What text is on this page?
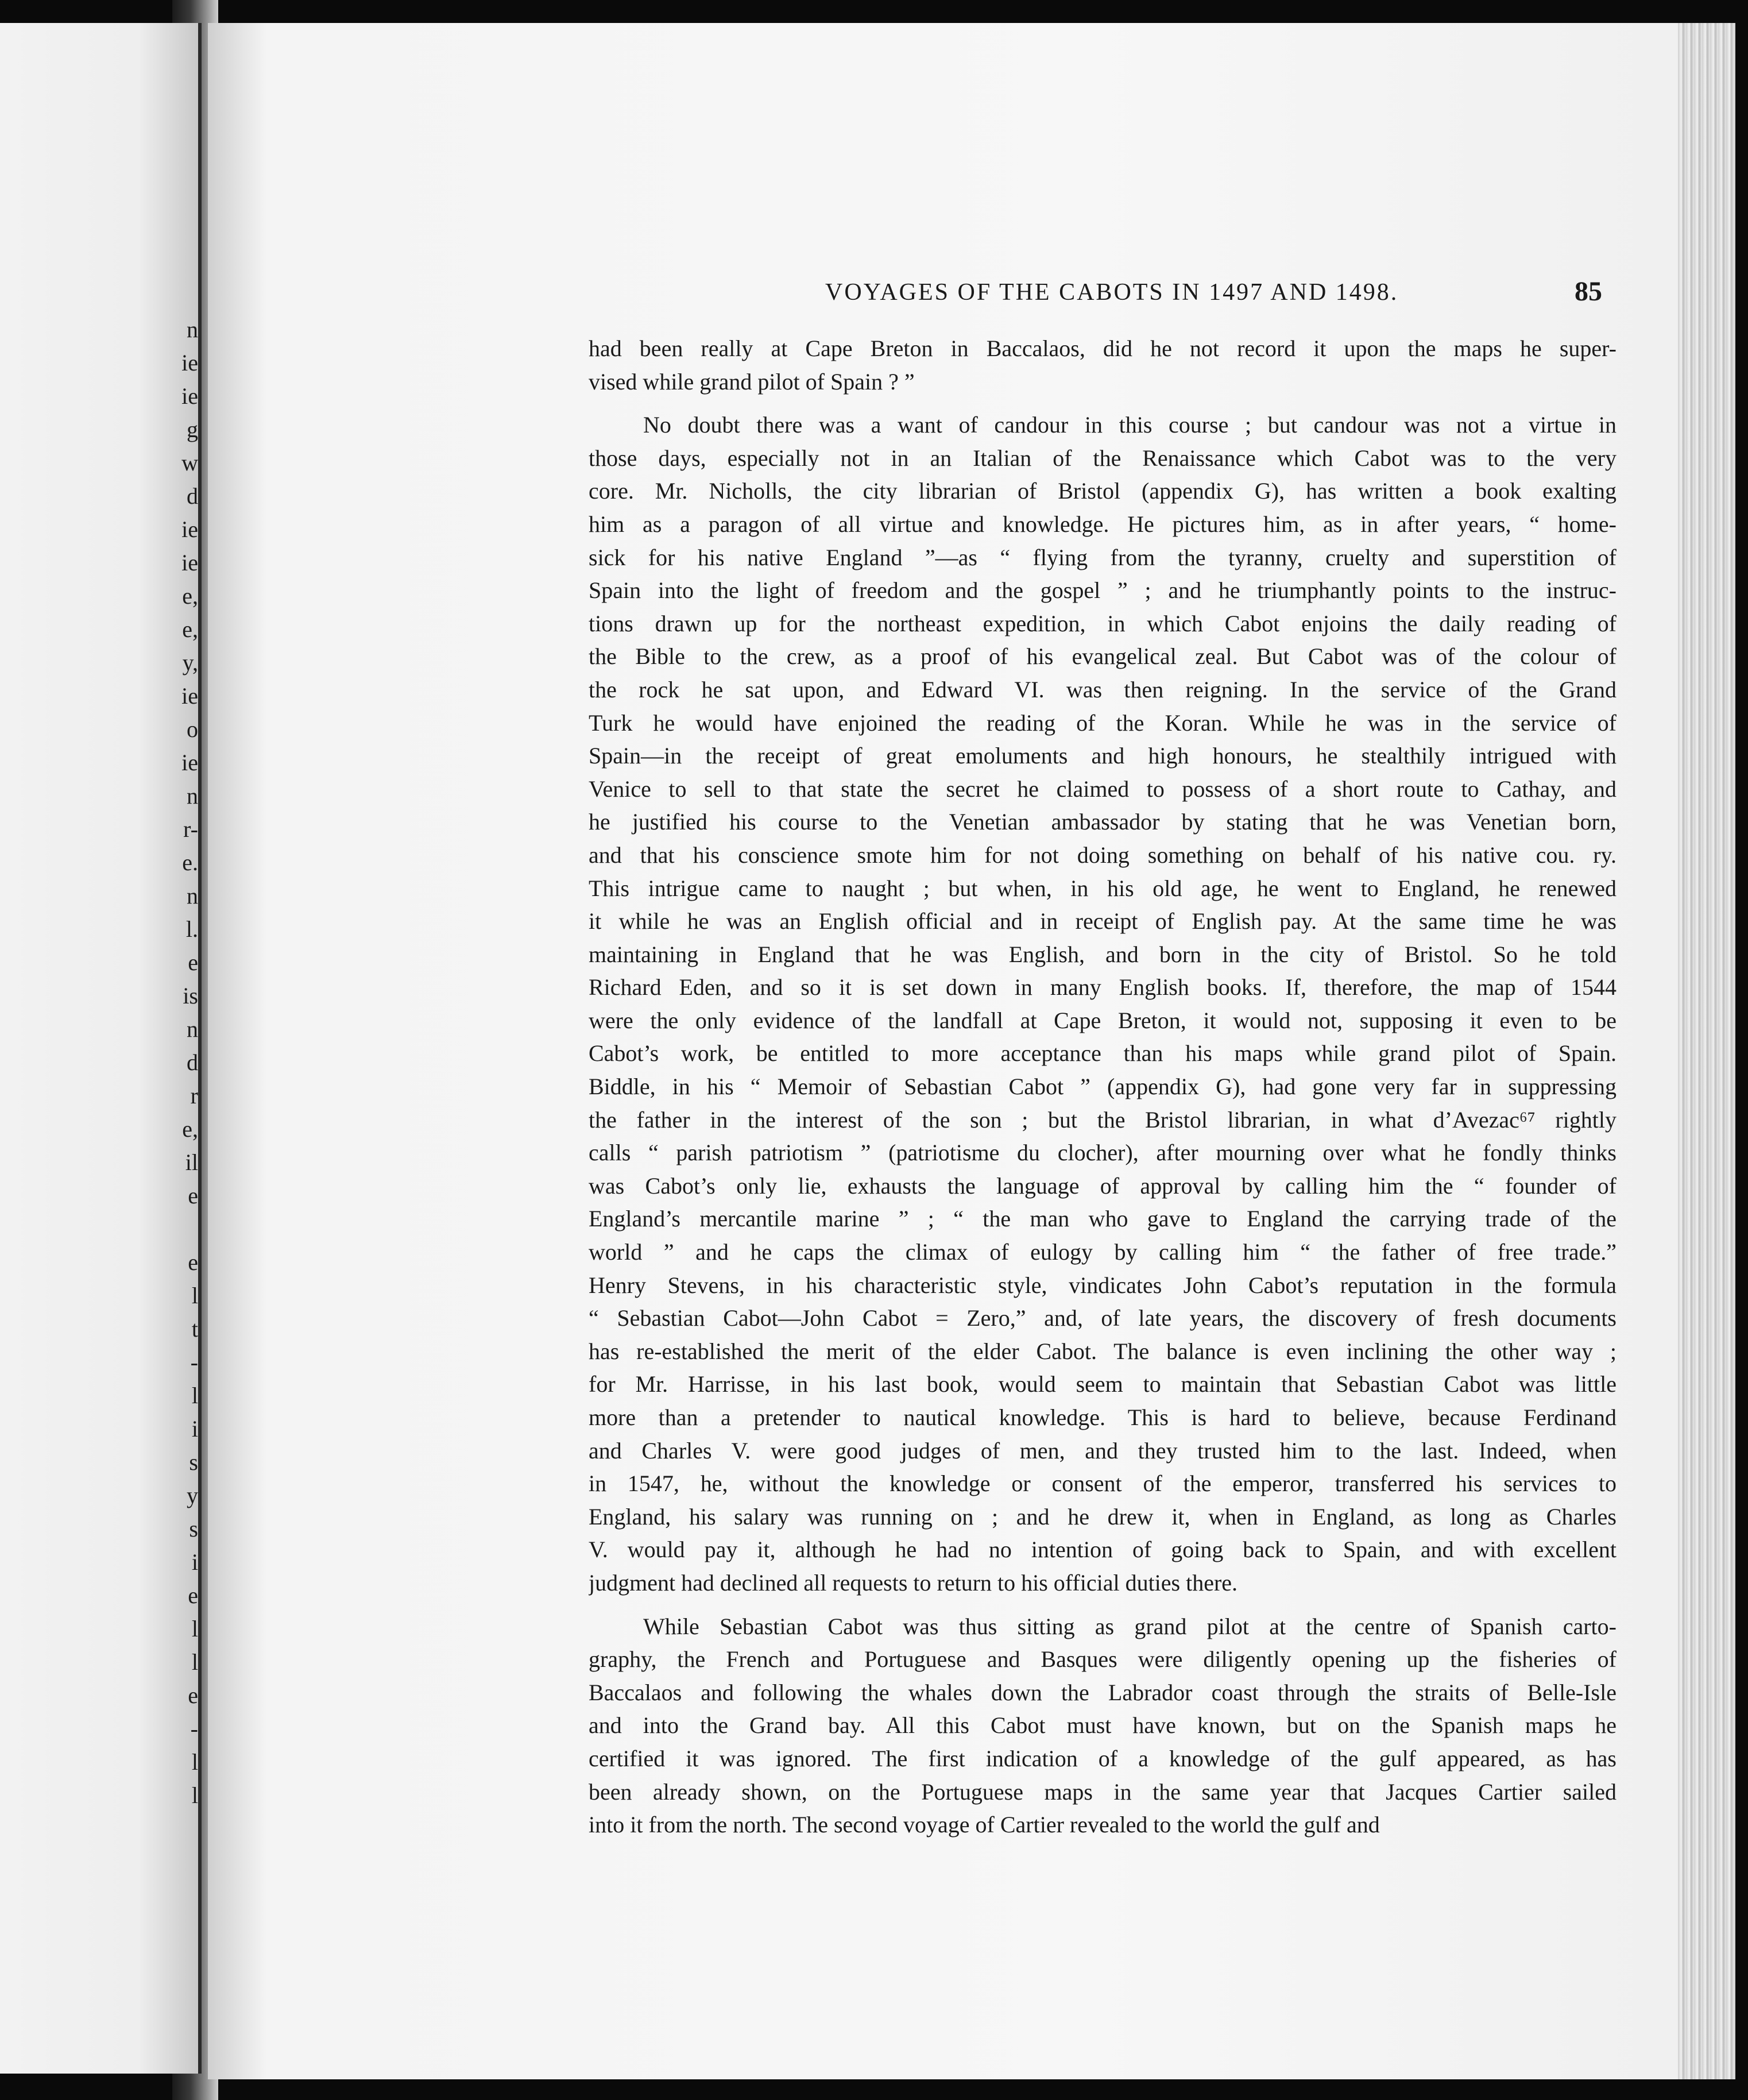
n
ie
ie
g
w
d
ie
ie
e,
e,
y,
ie
o
ie
n
r-
e.
n
l.
e
is
n
d
r
e,
il
e
e
l
t
-
l
i
s
y
s
i
e
l
l
e
-
l
l
VOYAGES OF THE CABOTS IN 1497 AND 1498.	85
had been really at Cape Breton in Baccalaos, did he not record it upon the maps he super-
vised while grand pilot of Spain ? ”
No doubt there was a want of candour in this course ; but candour was not a virtue in
those days, especially not in an Italian of the Renaissance which Cabot was to the very
core. Mr. Nicholls, the city librarian of Bristol (appendix G), has written a book exalting
him as a paragon of all virtue and knowledge. He pictures him, as in after years, “ home-
sick for his native England ”—as “ flying from the tyranny, cruelty and superstition of
Spain into the light of freedom and the gospel ” ; and he triumphantly points to the instruc-
tions drawn up for the northeast expedition, in which Cabot enjoins the daily reading of
the Bible to the crew, as a proof of his evangelical zeal. But Cabot was of the colour of
the rock he sat upon, and Edward VI. was then reigning. In the service of the Grand
Turk he would have enjoined the reading of the Koran. While he was in the service of
Spain—in the receipt of great emoluments and high honours, he stealthily intrigued with
Venice to sell to that state the secret he claimed to possess of a short route to Cathay, and
he justified his course to the Venetian ambassador by stating that he was Venetian born,
and that his conscience smote him for not doing something on behalf of his native cou. ry.
This intrigue came to naught ; but when, in his old age, he went to England, he renewed
it while he was an English official and in receipt of English pay. At the same time he was
maintaining in England that he was English, and born in the city of Bristol. So he told
Richard Eden, and so it is set down in many English books. If, therefore, the map of 1544
were the only evidence of the landfall at Cape Breton, it would not, supposing it even to be
Cabot’s work, be entitled to more acceptance than his maps while grand pilot of Spain.
Biddle, in his “ Memoir of Sebastian Cabot ” (appendix G), had gone very far in suppressing
the father in the interest of the son ; but the Bristol librarian, in what d’Avezac⁶⁷ rightly
calls “ parish patriotism ” (patriotisme du clocher), after mourning over what he fondly thinks
was Cabot’s only lie, exhausts the language of approval by calling him the “ founder of
England’s mercantile marine ” ; “ the man who gave to England the carrying trade of the
world ” and he caps the climax of eulogy by calling him “ the father of free trade.”
Henry Stevens, in his characteristic style, vindicates John Cabot’s reputation in the formula
“ Sebastian Cabot—John Cabot = Zero,” and, of late years, the discovery of fresh documents
has re-established the merit of the elder Cabot. The balance is even inclining the other way ;
for Mr. Harrisse, in his last book, would seem to maintain that Sebastian Cabot was little
more than a pretender to nautical knowledge. This is hard to believe, because Ferdinand
and Charles V. were good judges of men, and they trusted him to the last. Indeed, when
in 1547, he, without the knowledge or consent of the emperor, transferred his services to
England, his salary was running on ; and he drew it, when in England, as long as Charles
V. would pay it, although he had no intention of going back to Spain, and with excellent
judgment had declined all requests to return to his official duties there.
While Sebastian Cabot was thus sitting as grand pilot at the centre of Spanish carto-
graphy, the French and Portuguese and Basques were diligently opening up the fisheries of
Baccalaos and following the whales down the Labrador coast through the straits of Belle-Isle
and into the Grand bay. All this Cabot must have known, but on the Spanish maps he
certified it was ignored. The first indication of a knowledge of the gulf appeared, as has
been already shown, on the Portuguese maps in the same year that Jacques Cartier sailed
into it from the north. The second voyage of Cartier revealed to the world the gulf and
